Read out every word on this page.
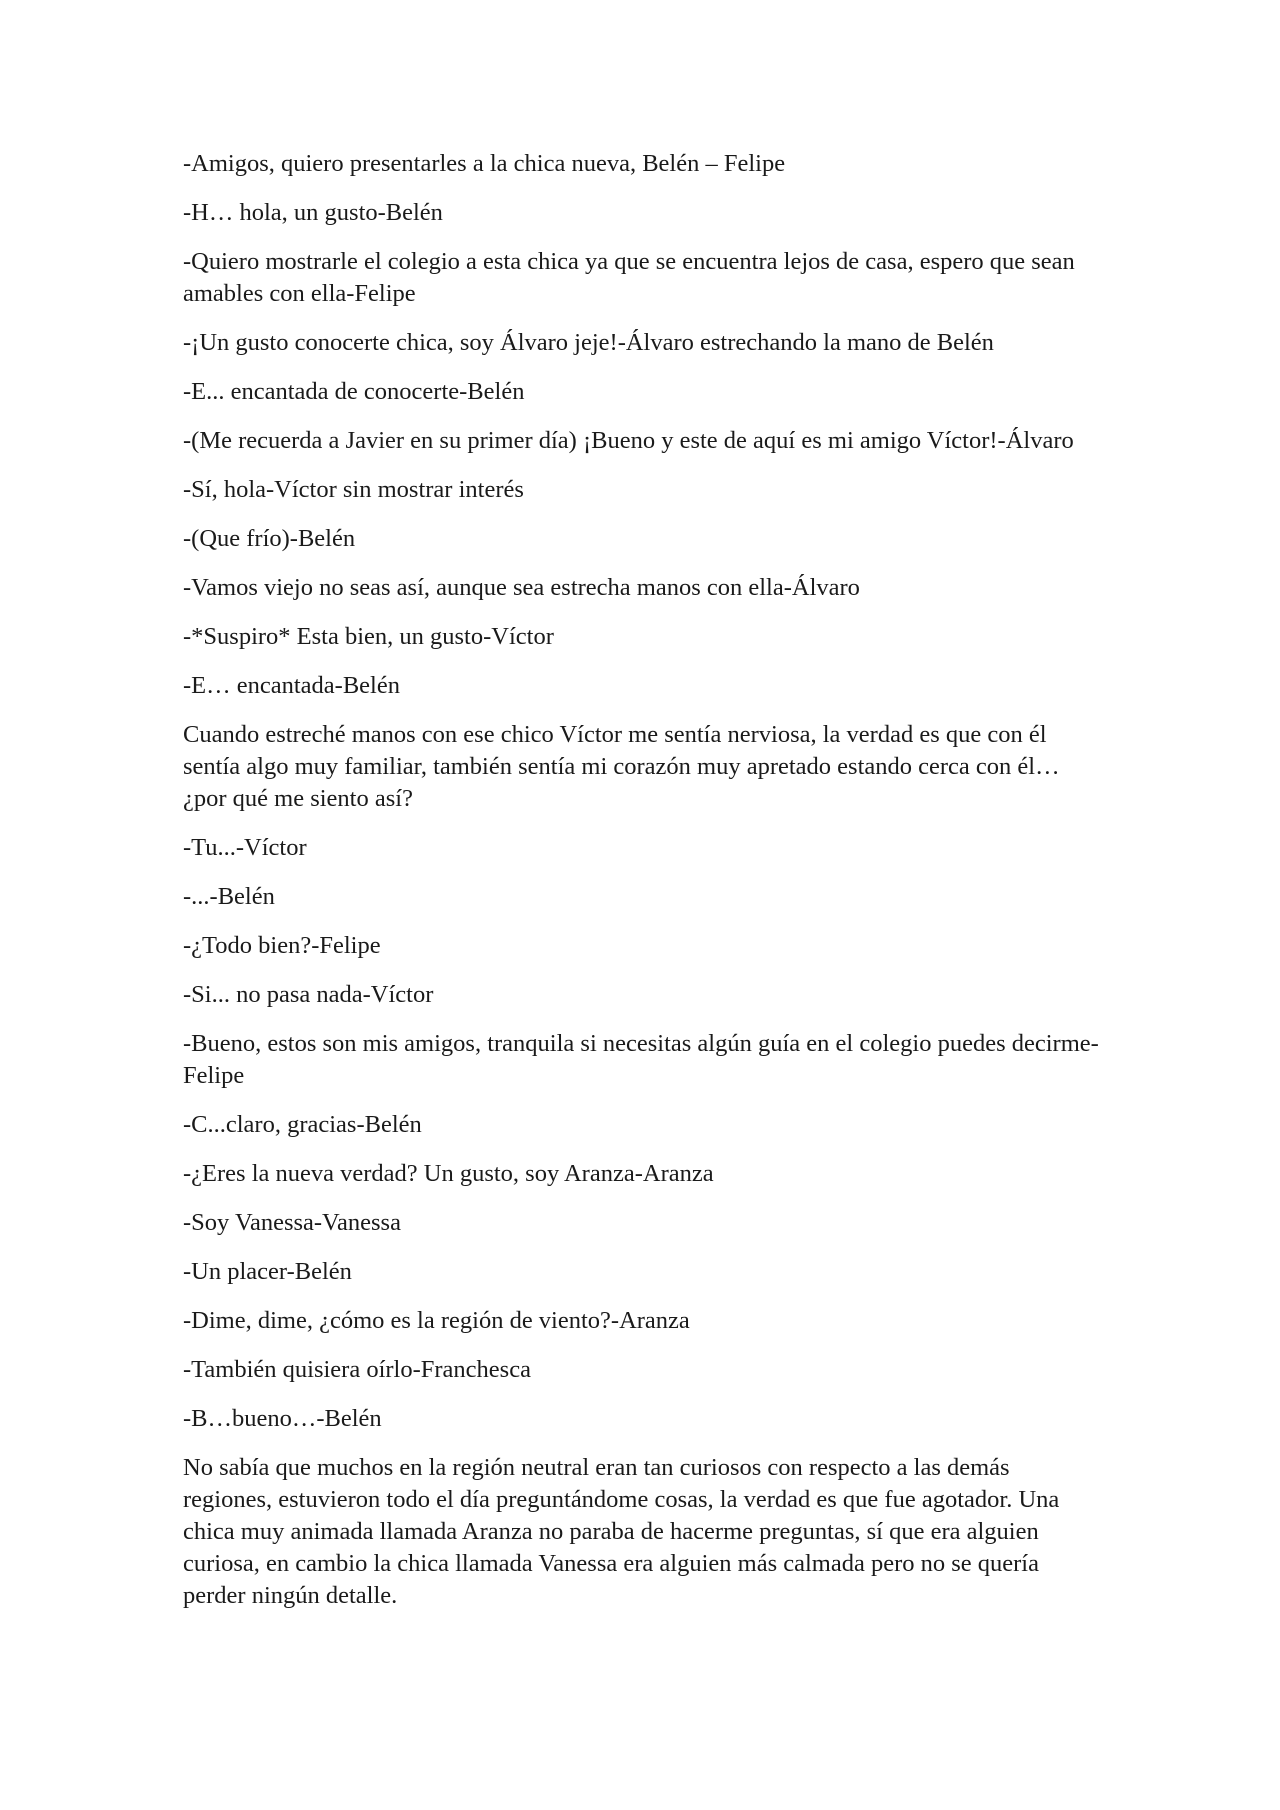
-Amigos, quiero presentarles a la chica nueva, Belén – Felipe

-H… hola, un gusto-Belén

-Quiero mostrarle el colegio a esta chica ya que se encuentra lejos de casa, espero que sean amables con ella-Felipe

-¡Un gusto conocerte chica, soy Álvaro jeje!-Álvaro estrechando la mano de Belén

-E... encantada de conocerte-Belén

-(Me recuerda a Javier en su primer día) ¡Bueno y este de aquí es mi amigo Víctor!-Álvaro

-Sí, hola-Víctor sin mostrar interés

-(Que frío)-Belén

-Vamos viejo no seas así, aunque sea estrecha manos con ella-Álvaro

-*Suspiro* Esta bien, un gusto-Víctor

-E… encantada-Belén

Cuando estreché manos con ese chico Víctor me sentía nerviosa, la verdad es que con él sentía algo muy familiar, también sentía mi corazón muy apretado estando cerca con él… ¿por qué me siento así?

-Tu...-Víctor

-...-Belén

-¿Todo bien?-Felipe

-Si... no pasa nada-Víctor

-Bueno, estos son mis amigos, tranquila si necesitas algún guía en el colegio puedes decirme-Felipe

-C...claro, gracias-Belén

-¿Eres la nueva verdad? Un gusto, soy Aranza-Aranza

-Soy Vanessa-Vanessa

-Un placer-Belén

-Dime, dime, ¿cómo es la región de viento?-Aranza

-También quisiera oírlo-Franchesca

-B…bueno…-Belén

No sabía que muchos en la región neutral eran tan curiosos con respecto a las demás regiones, estuvieron todo el día preguntándome cosas, la verdad es que fue agotador. Una chica muy animada llamada Aranza no paraba de hacerme preguntas, sí que era alguien curiosa, en cambio la chica llamada Vanessa era alguien más calmada pero no se quería perder ningún detalle.
